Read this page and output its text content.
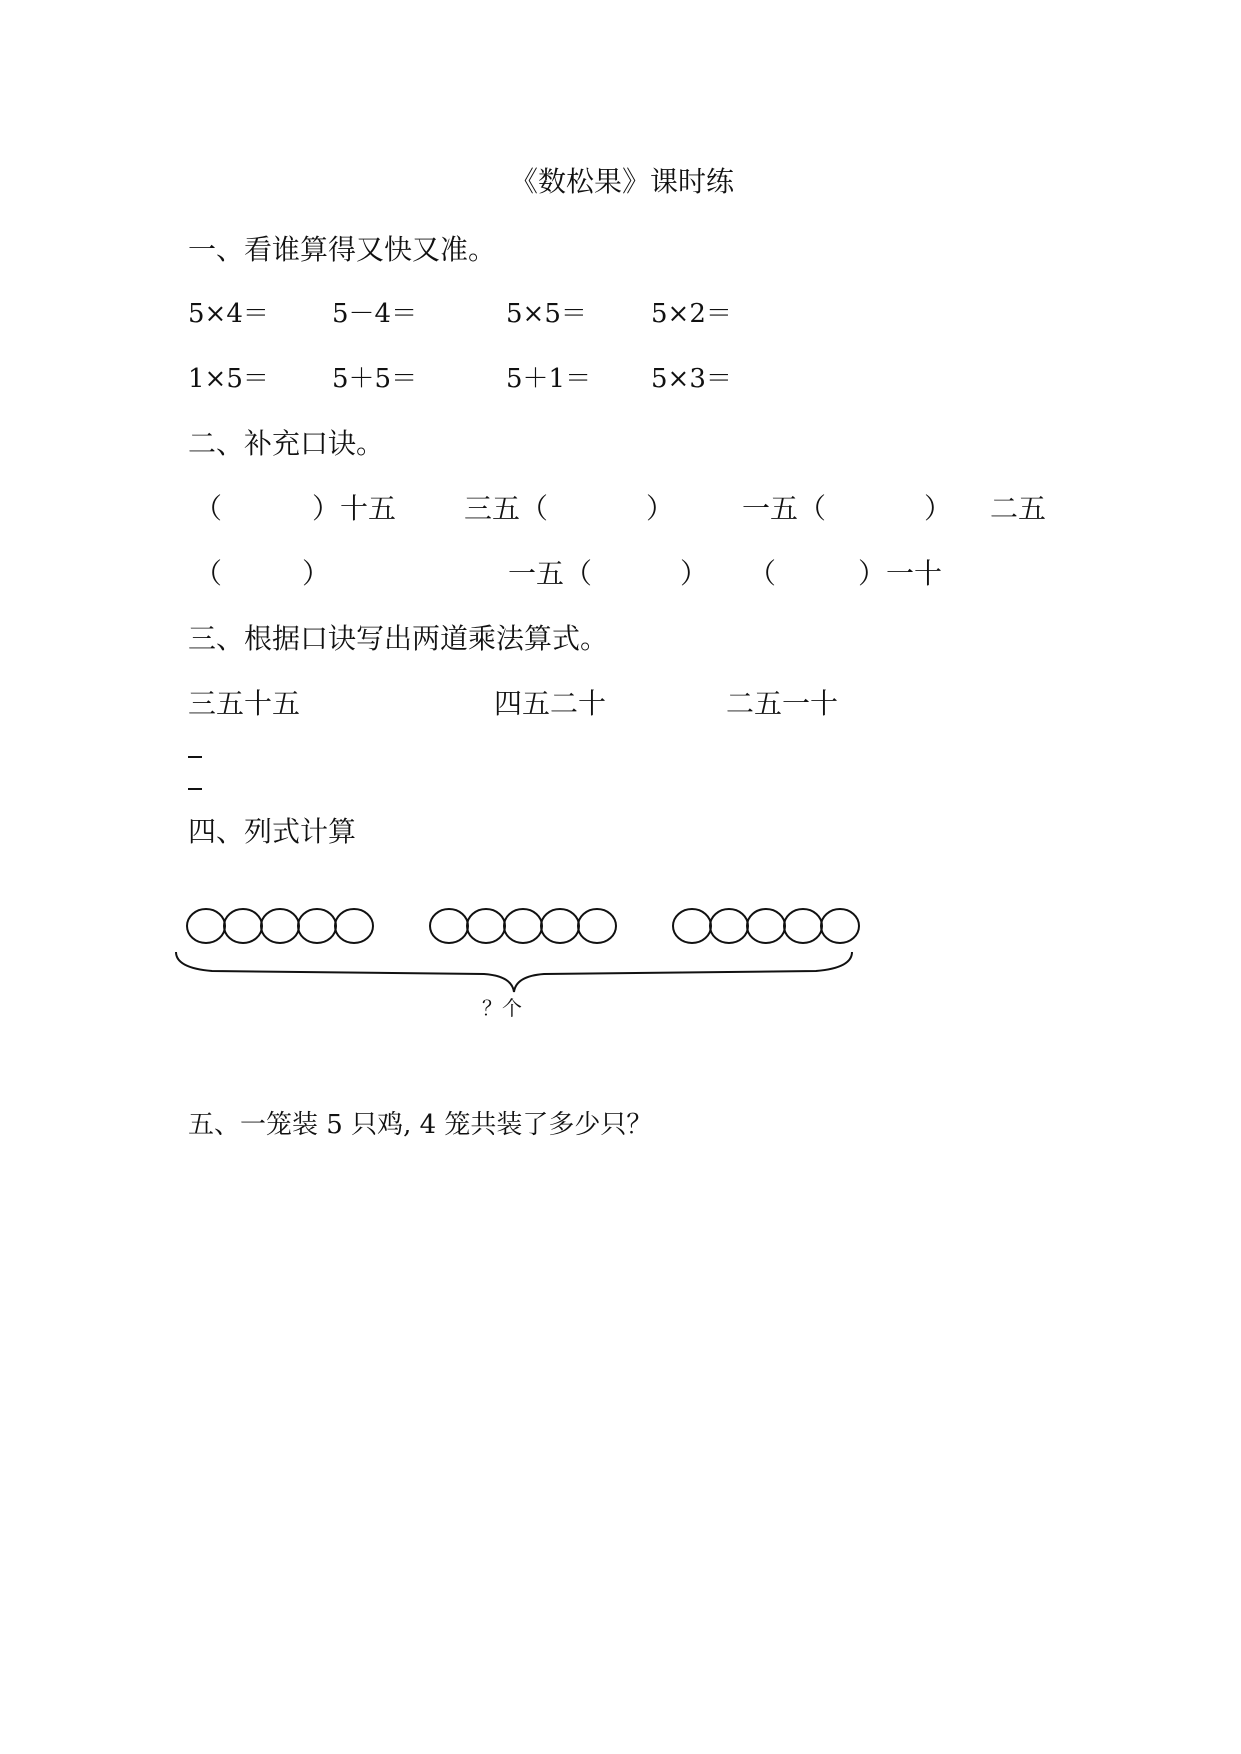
《数松果》课时练
一、看谁算得又快又准。
5×4＝ 5－4＝	5×5＝ 5×2＝
1×5＝ 5＋5＝	5＋1＝ 5×3＝
二、补充口诀。
（	）十五 三五（	） 一五（	） 二五
（	）	一五（	） （	）一十
三、根据口诀写出两道乘法算式。
三五十五	四五二十	二五一十
四、列式计算
？个
五、一笼装 5 只鸡, 4 笼共装了多少只？
